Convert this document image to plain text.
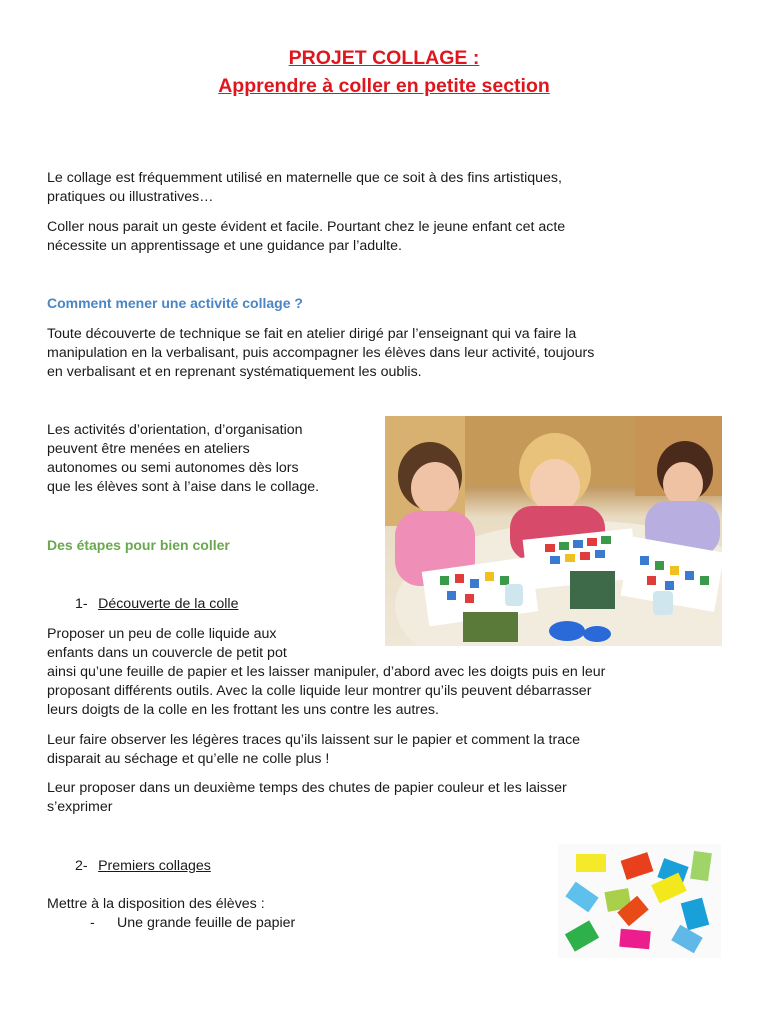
PROJET COLLAGE :
Apprendre à coller en petite section

Le collage est fréquemment utilisé en maternelle que ce soit à des fins artistiques,

pratiques ou illustratives…

Coller nous parait un geste évident et facile. Pourtant chez le jeune enfant cet acte

nécessite un apprentissage et une guidance par l’adulte.

Comment mener une activité collage ?

Toute découverte de technique se fait en atelier dirigé par l’enseignant qui va faire la

manipulation en la verbalisant, puis accompagner les élèves dans leur activité, toujours

en verbalisant et en reprenant systématiquement les oublis.

Les activités d’orientation, d’organisation

peuvent être menées en ateliers

autonomes ou semi autonomes dès lors

que les élèves sont à l’aise dans le collage.

Des étapes pour bien coller
1- Découverte de la colle

Proposer un peu de colle liquide aux

enfants dans un couvercle de petit pot

ainsi qu’une feuille de papier et les laisser manipuler, d’abord avec les doigts puis en leur

proposant différents outils. Avec la colle liquide leur montrer qu’ils peuvent débarrasser

leurs doigts de la colle en les frottant les uns contre les autres.

Leur faire observer les légères traces qu’ils laissent sur le papier et comment la trace

disparait au séchage et qu’elle ne colle plus !

Leur proposer dans un deuxième temps des chutes de papier couleur et les laisser

s’exprimer

2- Premiers collages

Mettre à la disposition des élèves :
- Une grande feuille de papier
